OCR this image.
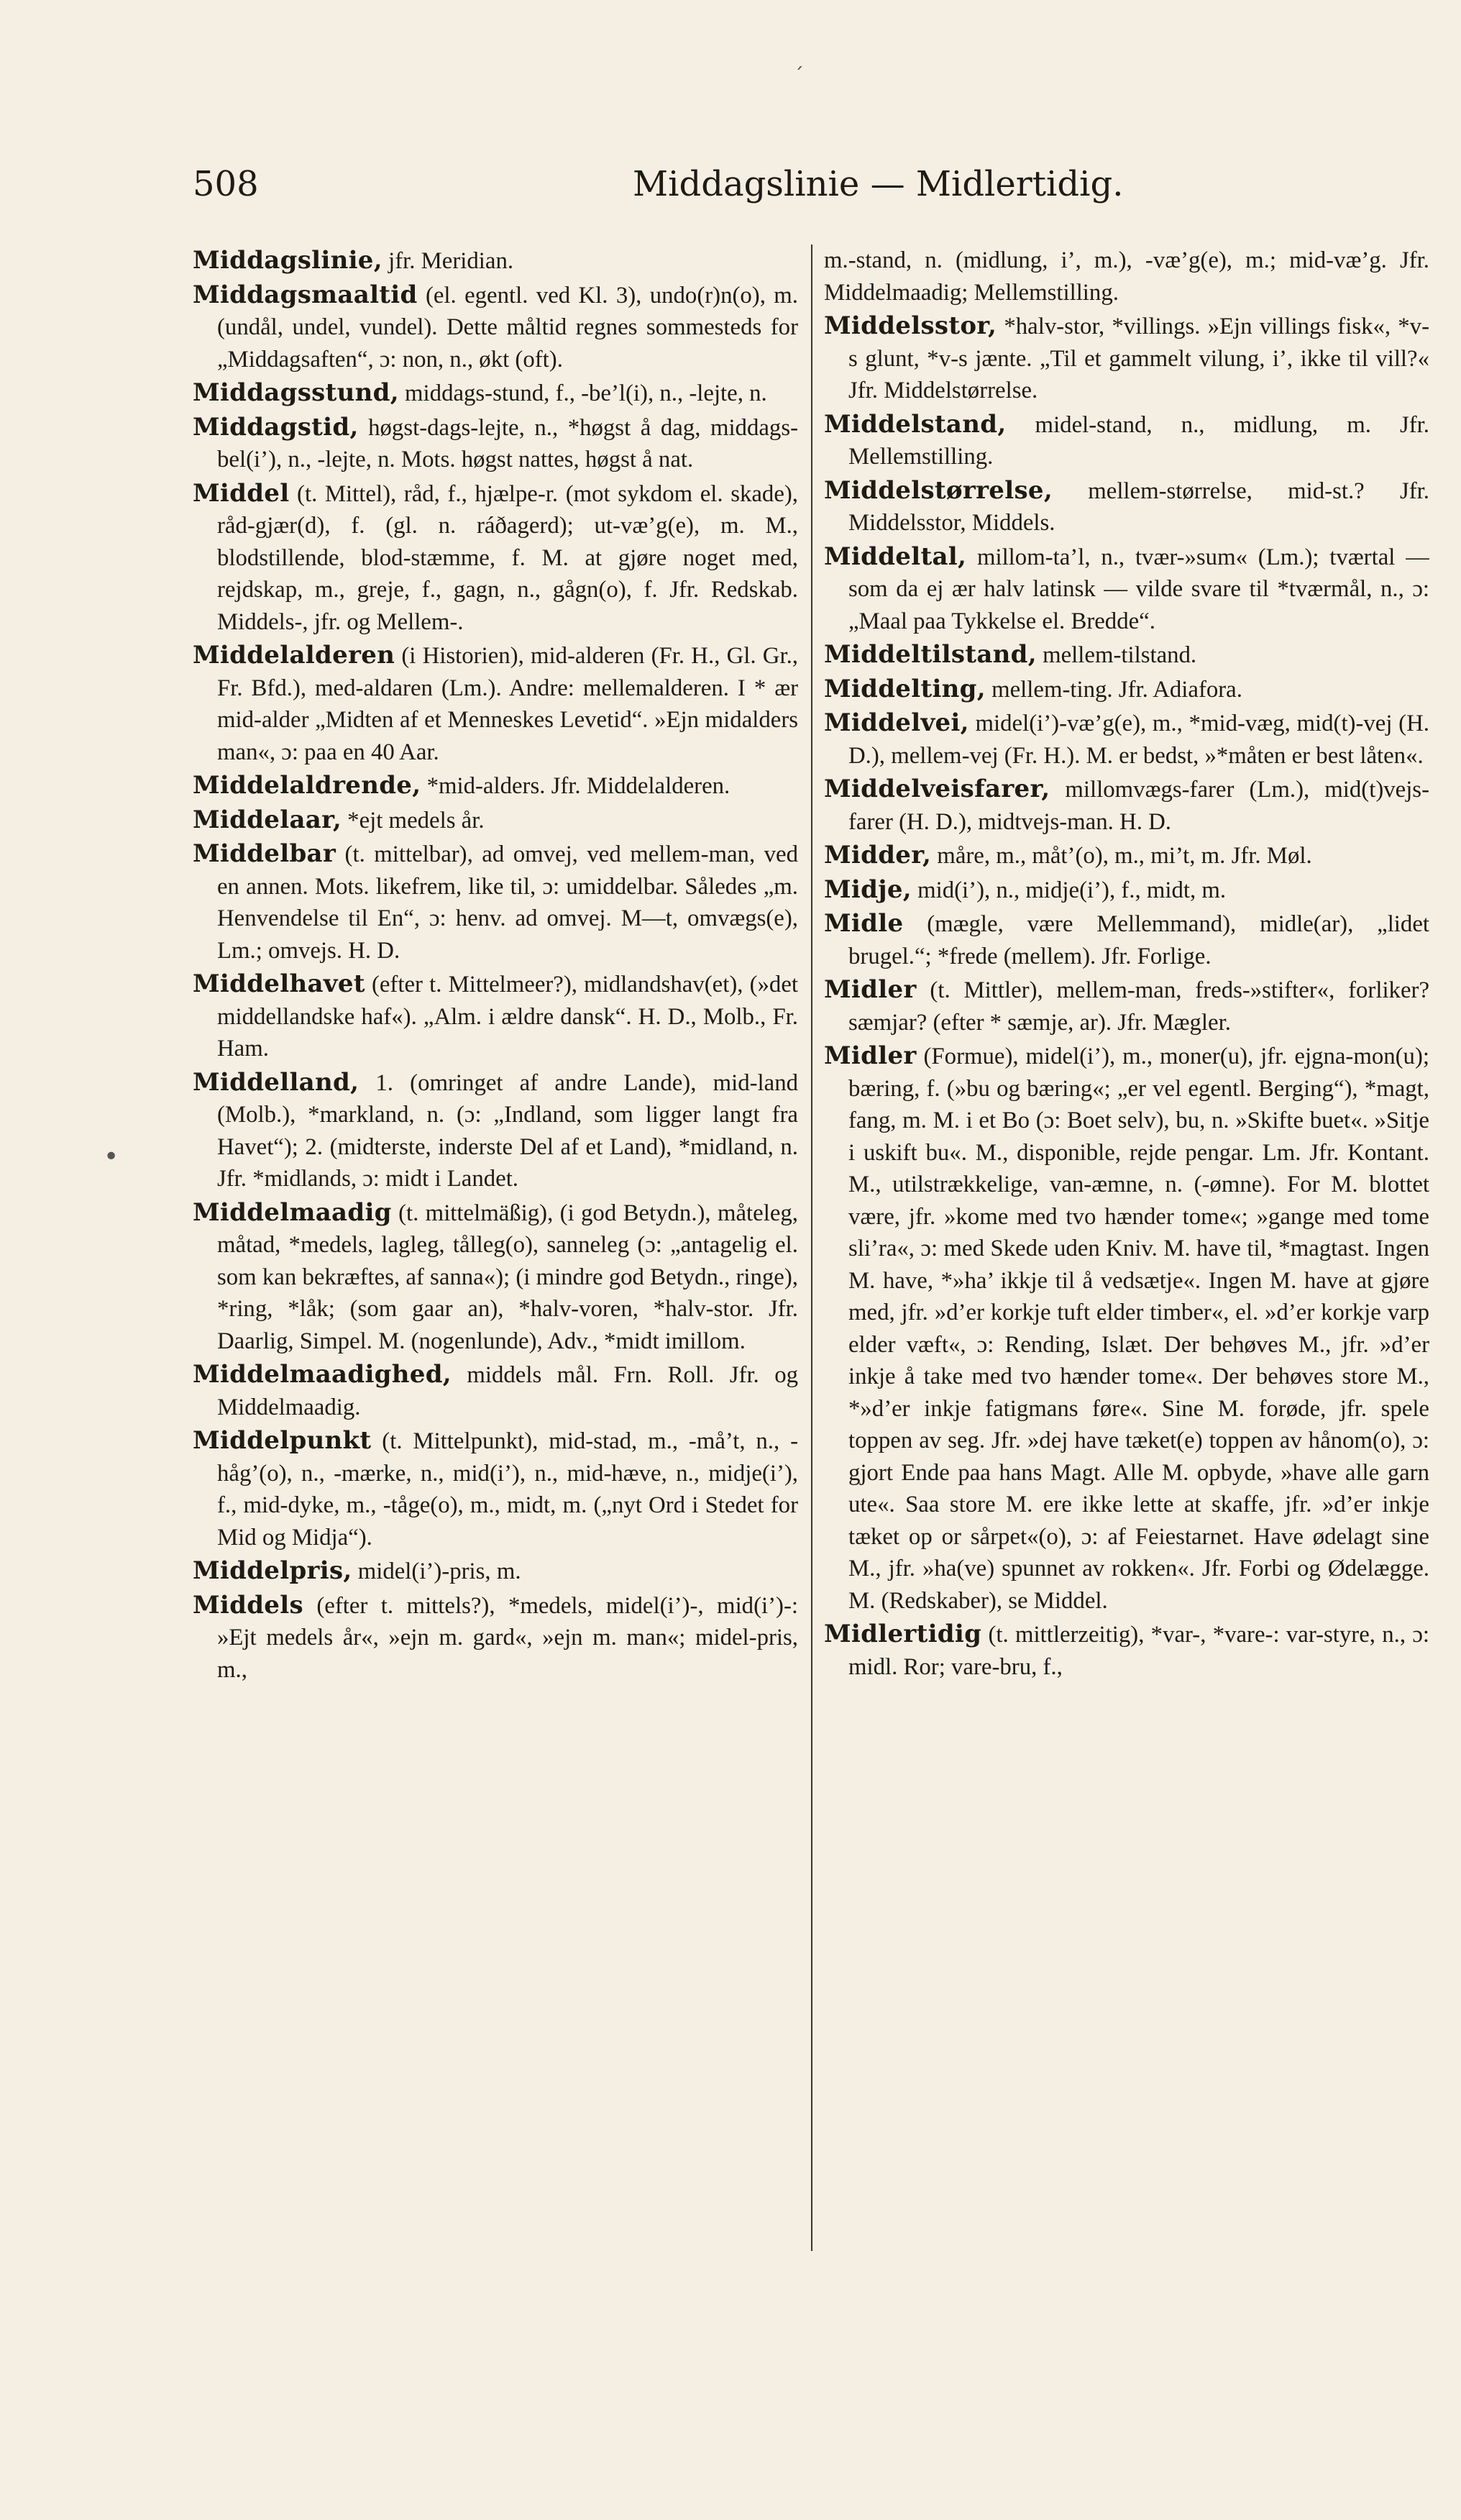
508	Middagslinie — Midlertidig.
´
•

Middagslinie, jfr. Meridian.

Middagsmaaltid (el. egentl. ved Kl. 3), undo(r)n(o), m. (undål, undel, vundel). Dette måltid regnes sommesteds for „Middagsaften“, ɔ: non, n., økt (oft).

Middagsstund, middags-stund, f., -be’l(i), n., -lejte, n.

Middagstid, høgst-dags-lejte, n., *høgst å dag, middags-bel(i’), n., -lejte, n. Mots. høgst nattes, høgst å nat.

Middel (t. Mittel), råd, f., hjælpe-r. (mot sykdom el. skade), råd-gjær(d), f. (gl. n. ráðagerd); ut-væ’g(e), m. M., blodstillende, blod-stæmme, f. M. at gjøre noget med, rejdskap, m., greje, f., gagn, n., gågn(o), f. Jfr. Redskab. Middels-, jfr. og Mellem-.

Middelalderen (i Historien), mid-alderen (Fr. H., Gl. Gr., Fr. Bfd.), med-aldaren (Lm.). Andre: mellemalderen. I * ær mid-alder „Midten af et Menneskes Levetid“. »Ejn midalders man«, ɔ: paa en 40 Aar.

Middelaldrende, *mid-alders. Jfr. Middelalderen.

Middelaar, *ejt medels år.

Middelbar (t. mittelbar), ad omvej, ved mellem-man, ved en annen. Mots. likefrem, like til, ɔ: umiddelbar. Således „m. Henvendelse til En“, ɔ: henv. ad omvej. M—t, omvægs(e), Lm.; omvejs. H. D.

Middelhavet (efter t. Mittelmeer?), midlandshav(et), (»det middellandske haf«). „Alm. i ældre dansk“. H. D., Molb., Fr. Ham.

Middelland, 1. (omringet af andre Lande), mid-land (Molb.), *markland, n. (ɔ: „Indland, som ligger langt fra Havet“); 2. (midterste, inderste Del af et Land), *midland, n. Jfr. *midlands, ɔ: midt i Landet.

Middelmaadig (t. mittelmäßig), (i god Betydn.), måteleg, måtad, *medels, lagleg, tålleg(o), sanneleg (ɔ: „antagelig el. som kan bekræftes, af sanna«); (i mindre god Betydn., ringe), *ring, *låk; (som gaar an), *halv-voren, *halv-stor. Jfr. Daarlig, Simpel. M. (nogenlunde), Adv., *midt imillom.

Middelmaadighed, middels mål. Frn. Roll. Jfr. og Middelmaadig.

Middelpunkt (t. Mittelpunkt), mid-stad, m., -må’t, n., -håg’(o), n., -mærke, n., mid(i’), n., mid-hæve, n., midje(i’), f., mid-dyke, m., -tåge(o), m., midt, m. („nyt Ord i Stedet for Mid og Midja“).

Middelpris, midel(i’)-pris, m.

Middels (efter t. mittels?), *medels, midel(i’)-, mid(i’)-: »Ejt medels år«, »ejn m. gard«, »ejn m. man«; midel-pris, m.,

m.-stand, n. (midlung, i’, m.), -væ’g(e), m.; mid-væ’g. Jfr. Middelmaadig; Mellemstilling.

Middelsstor, *halv-stor, *villings. »Ejn villings fisk«, *v-s glunt, *v-s jænte. „Til et gammelt vilung, i’, ikke til vill?« Jfr. Middelstørrelse.

Middelstand, midel-stand, n., midlung, m. Jfr. Mellemstilling.

Middelstørrelse, mellem-størrelse, mid-st.? Jfr. Middelsstor, Middels.

Middeltal, millom-ta’l, n., tvær-»sum« (Lm.); tværtal — som da ej ær halv latinsk — vilde svare til *tværmål, n., ɔ: „Maal paa Tykkelse el. Bredde“.

Middeltilstand, mellem-tilstand.

Middelting, mellem-ting. Jfr. Adiafora.

Middelvei, midel(i’)-væ’g(e), m., *mid-væg, mid(t)-vej (H. D.), mellem-vej (Fr. H.). M. er bedst, »*måten er best låten«.

Middelveisfarer, millomvægs-farer (Lm.), mid(t)vejs-farer (H. D.), midtvejs-man. H. D.

Midder, måre, m., måt’(o), m., mi’t, m. Jfr. Møl.

Midje, mid(i’), n., midje(i’), f., midt, m.

Midle (mægle, være Mellemmand), midle(ar), „lidet brugel.“; *frede (mellem). Jfr. Forlige.

Midler (t. Mittler), mellem-man, freds-»stifter«, forliker? sæmjar? (efter * sæmje, ar). Jfr. Mægler.

Midler (Formue), midel(i’), m., moner(u), jfr. ejgna-mon(u); bæring, f. (»bu og bæring«; „er vel egentl. Berging“), *magt, fang, m. M. i et Bo (ɔ: Boet selv), bu, n. »Skifte buet«. »Sitje i uskift bu«. M., disponible, rejde pengar. Lm. Jfr. Kontant. M., utilstrækkelige, van-æmne, n. (-ømne). For M. blottet være, jfr. »kome med tvo hænder tome«; »gange med tome sli’ra«, ɔ: med Skede uden Kniv. M. have til, *magtast. Ingen M. have, *»ha’ ikkje til å vedsætje«. Ingen M. have at gjøre med, jfr. »d’er korkje tuft elder timber«, el. »d’er korkje varp elder væft«, ɔ: Rending, Islæt. Der behøves M., jfr. »d’er inkje å take med tvo hænder tome«. Der behøves store M., *»d’er inkje fatigmans føre«. Sine M. forøde, jfr. spele toppen av seg. Jfr. »dej have tæket(e) toppen av hånom(o), ɔ: gjort Ende paa hans Magt. Alle M. opbyde, »have alle garn ute«. Saa store M. ere ikke lette at skaffe, jfr. »d’er inkje tæket op or sårpet«(o), ɔ: af Feiestarnet. Have ødelagt sine M., jfr. »ha(ve) spunnet av rokken«. Jfr. Forbi og Ødelægge. M. (Redskaber), se Middel.

Midlertidig (t. mittlerzeitig), *var-, *vare-: var-styre, n., ɔ: midl. Ror; vare-bru, f.,
